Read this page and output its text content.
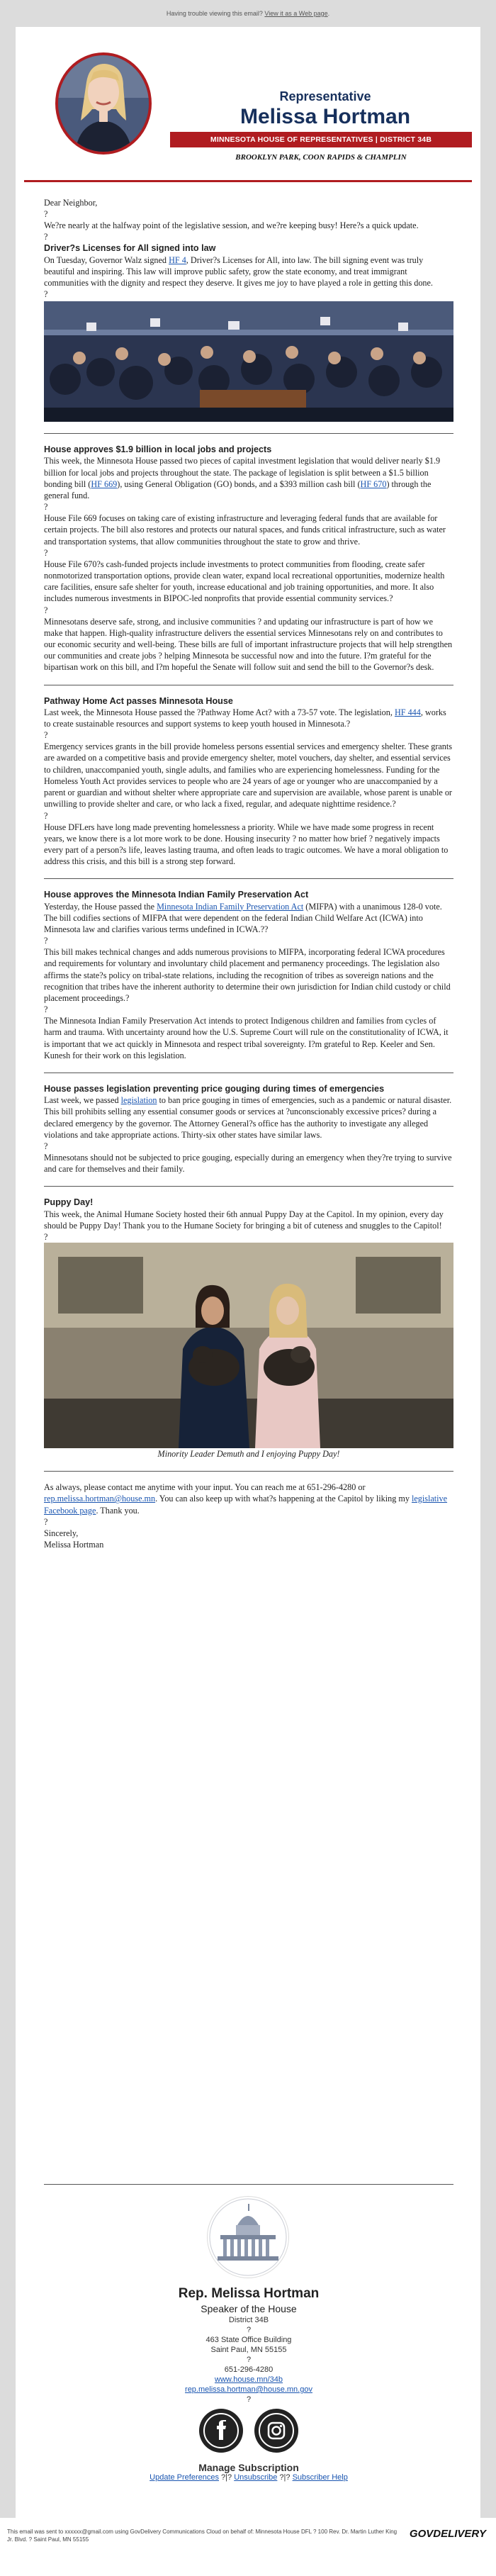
Having trouble viewing this email? View it as a Web page.
Representative
Melissa Hortman
MINNESOTA HOUSE OF REPRESENTATIVES | DISTRICT 34B
BROOKLYN PARK, COON RAPIDS & CHAMPLIN

Dear Neighbor,

?

We?re nearly at the halfway point of the legislative session, and we?re keeping busy! Here?s a quick update.

?

Driver?s Licenses for All signed into law

On Tuesday, Governor Walz signed HF 4, Driver?s Licenses for All, into law. The bill signing event was truly beautiful and inspiring. This law will improve public safety, grow the state economy, and treat immigrant communities with the dignity and respect they deserve. It gives me joy to have played a role in getting this done.

?

House approves $1.9 billion in local jobs and projects

This week, the Minnesota House passed two pieces of capital investment legislation that would deliver nearly $1.9 billion for local jobs and projects throughout the state. The package of legislation is split between a $1.5 billion bonding bill (HF 669), using General Obligation (GO) bonds, and a $393 million cash bill (HF 670) through the general fund.

?

House File 669 focuses on taking care of existing infrastructure and leveraging federal funds that are available for certain projects. The bill also restores and protects our natural spaces, and funds critical infrastructure, such as water and transportation systems, that allow communities throughout the state to grow and thrive.

?

House File 670?s cash-funded projects include investments to protect communities from flooding, create safer nonmotorized transportation options, provide clean water, expand local recreational opportunities, modernize health care facilities, ensure safe shelter for youth, increase educational and job training opportunities, and more. It also includes numerous investments in BIPOC-led nonprofits that provide essential community services.?

?

Minnesotans deserve safe, strong, and inclusive communities ? and updating our infrastructure is part of how we make that happen. High-quality infrastructure delivers the essential services Minnesotans rely on and contributes to our economic security and well-being. These bills are full of important infrastructure projects that will help strengthen our communities and create jobs ? helping Minnesota be successful now and into the future. I?m grateful for the bipartisan work on this bill, and I?m hopeful the Senate will follow suit and send the bill to the Governor?s desk.

Pathway Home Act passes Minnesota House

Last week, the Minnesota House passed the ?Pathway Home Act? with a 73-57 vote. The legislation, HF 444, works to create sustainable resources and support systems to keep youth housed in Minnesota.?

?

Emergency services grants in the bill provide homeless persons essential services and emergency shelter. These grants are awarded on a competitive basis and provide emergency shelter, motel vouchers, day shelter, and essential services to children, unaccompanied youth, single adults, and families who are experiencing homelessness. Funding for the Homeless Youth Act provides services to people who are 24 years of age or younger who are unaccompanied by a parent or guardian and without shelter where appropriate care and supervision are available, whose parent is unable or unwilling to provide shelter and care, or who lack a fixed, regular, and adequate nighttime residence.?

?

House DFLers have long made preventing homelessness a priority. While we have made some progress in recent years, we know there is a lot more work to be done. Housing insecurity ? no matter how brief ? negatively impacts every part of a person?s life, leaves lasting trauma, and often leads to tragic outcomes. We have a moral obligation to address this crisis, and this bill is a strong step forward.

House approves the Minnesota Indian Family Preservation Act

Yesterday, the House passed the Minnesota Indian Family Preservation Act (MIFPA) with a unanimous 128-0 vote. The bill codifies sections of MIFPA that were dependent on the federal Indian Child Welfare Act (ICWA) into Minnesota law and clarifies various terms undefined in ICWA.??

?

This bill makes technical changes and adds numerous provisions to MIFPA, incorporating federal ICWA procedures and requirements for voluntary and involuntary child placement and permanency proceedings. The legislation also affirms the state?s policy on tribal-state relations, including the recognition of tribes as sovereign nations and the recognition that tribes have the inherent authority to determine their own jurisdiction for Indian child custody or child placement proceedings.?

?

The Minnesota Indian Family Preservation Act intends to protect Indigenous children and families from cycles of harm and trauma. With uncertainty around how the U.S. Supreme Court will rule on the constitutionality of ICWA, it is important that we act quickly in Minnesota and respect tribal sovereignty. I?m grateful to Rep. Keeler and Sen. Kunesh for their work on this legislation.

House passes legislation preventing price gouging during times of emergencies

Last week, we passed legislation to ban price gouging in times of emergencies, such as a pandemic or natural disaster. This bill prohibits selling any essential consumer goods or services at ?unconscionably excessive prices? during a declared emergency by the governor. The Attorney General?s office has the authority to investigate any alleged violations and take appropriate actions. Thirty-six other states have similar laws.

?

Minnesotans should not be subjected to price gouging, especially during an emergency when they?re trying to survive and care for themselves and their family.

Puppy Day!

This week, the Animal Humane Society hosted their 6th annual Puppy Day at the Capitol. In my opinion, every day should be Puppy Day! Thank you to the Humane Society for bringing a bit of cuteness and snuggles to the Capitol!

?

Minority Leader Demuth and I enjoying Puppy Day!

As always, please contact me anytime with your input. You can reach me at 651-296-4280 or rep.melissa.hortman@house.mn. You can also keep up with what?s happening at the Capitol by liking my legislative Facebook page. Thank you.

?

Sincerely,

Melissa Hortman

Rep. Melissa Hortman
Speaker of the House
District 34B
?
463 State Office Building
Saint Paul, MN 55155
?
651-296-4280
www.house.mn/34b
rep.melissa.hortman@house.mn.gov
?

Manage Subscription
Update Preferences ?|? Unsubscribe ?|? Subscriber Help
This email was sent to xxxxxx@gmail.com using GovDelivery Communications Cloud on behalf of: Minnesota House DFL ? 100 Rev. Dr. Martin Luther King Jr. Blvd. ? Saint Paul, MN 55155	GOVDELIVERY
